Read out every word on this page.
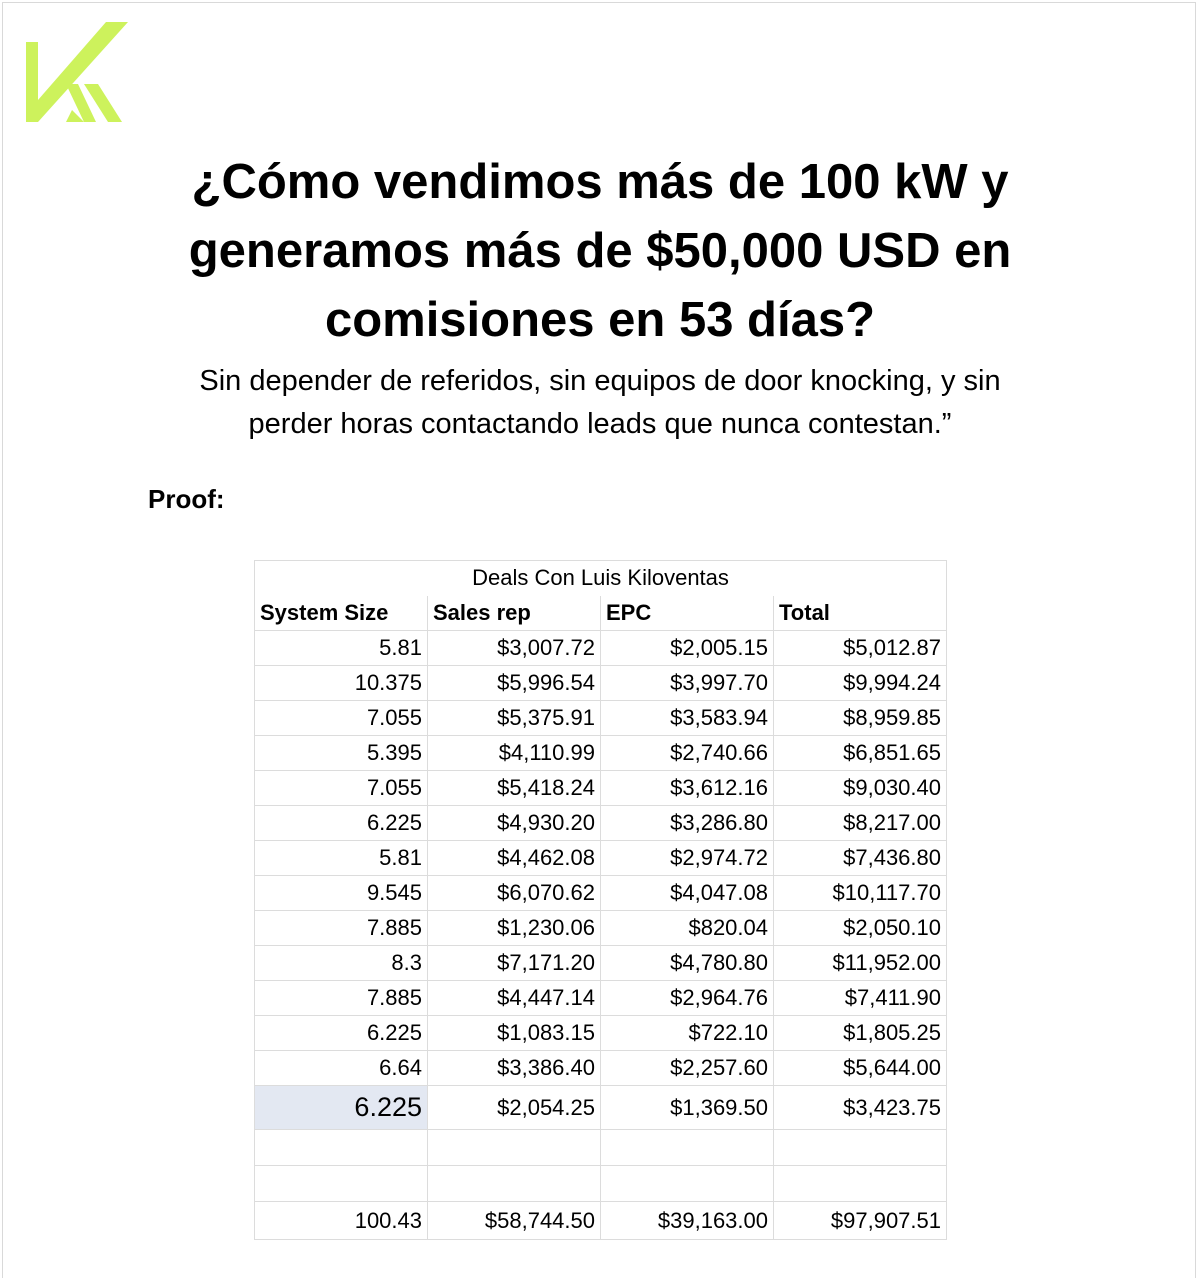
¿Cómo vendimos más de 100 kW y
generamos más de $50,000 USD en
comisiones en 53 días?

Sin depender de referidos, sin equipos de door knocking, y sin
perder horas contactando leads que nunca contestan.”

Proof:
Deals Con Luis Kiloventas			
System Size	Sales rep	EPC	Total
5.81	$3,007.72	$2,005.15	$5,012.87
10.375	$5,996.54	$3,997.70	$9,994.24
7.055	$5,375.91	$3,583.94	$8,959.85
5.395	$4,110.99	$2,740.66	$6,851.65
7.055	$5,418.24	$3,612.16	$9,030.40
6.225	$4,930.20	$3,286.80	$8,217.00
5.81	$4,462.08	$2,974.72	$7,436.80
9.545	$6,070.62	$4,047.08	$10,117.70
7.885	$1,230.06	$820.04	$2,050.10
8.3	$7,171.20	$4,780.80	$11,952.00
7.885	$4,447.14	$2,964.76	$7,411.90
6.225	$1,083.15	$722.10	$1,805.25
6.64	$3,386.40	$2,257.60	$5,644.00
6.225	$2,054.25	$1,369.50	$3,423.75

100.43	$58,744.50	$39,163.00	$97,907.51
